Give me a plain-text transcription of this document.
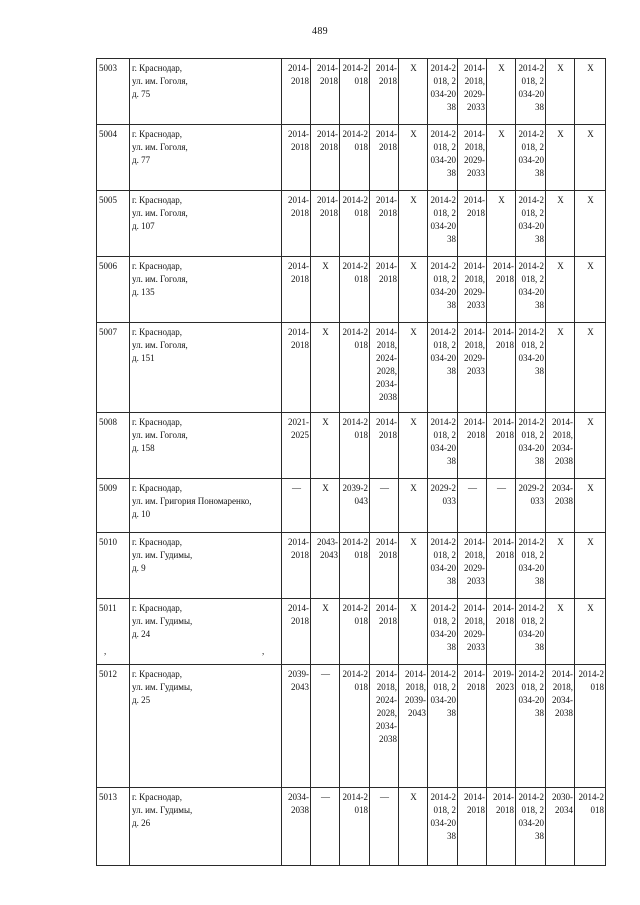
489
5003	г. Краснодар,
ул. им. Гоголя,
д. 75	2014-2018	2014-2018	2014-2018	2014-2018	Х	2014-2018, 2034-2038	2014-2018, 2029-2033	Х	2014-2018, 2034-2038	Х	Х	
5004	г. Краснодар,
ул. им. Гоголя,
д. 77	2014-2018	2014-2018	2014-2018	2014-2018	Х	2014-2018, 2034-2038	2014-2018, 2029-2033	Х	2014-2018, 2034-2038	Х	Х	
5005	г. Краснодар,
ул. им. Гоголя,
д. 107	2014-2018	2014-2018	2014-2018	2014-2018	Х	2014-2018, 2034-2038	2014-2018	Х	2014-2018, 2034-2038	Х	Х	
5006	г. Краснодар,
ул. им. Гоголя,
д. 135	2014-2018	Х	2014-2018	2014-2018	Х	2014-2018, 2034-2038	2014-2018, 2029-2033	2014-2018	2014-2018, 2034-2038	Х	Х	
5007	г. Краснодар,
ул. им. Гоголя,
д. 151	2014-2018	Х	2014-2018	2014-2018, 2024-2028, 2034-2038	Х	2014-2018, 2034-2038	2014-2018, 2029-2033	2014-2018	2014-2018, 2034-2038	Х	Х	
5008	г. Краснодар,
ул. им. Гоголя,
д. 158	2021-2025	Х	2014-2018	2014-2018	Х	2014-2018, 2034-2038	2014-2018	2014-2018	2014-2018, 2034-2038	2014-2018, 2034-2038	Х	
5009	г. Краснодар,
ул. им. Григория Пономаренко,
д. 10	—	Х	2039-2043	—	Х	2029-2033	—	—	2029-2033	2034-2038	Х	
5010	г. Краснодар,
ул. им. Гудимы,
д. 9	2014-2018	2043-2043	2014-2018	2014-2018	Х	2014-2018, 2034-2038	2014-2018, 2029-2033	2014-2018	2014-2018, 2034-2038	Х	Х	
5011	г. Краснодар,
ул. им. Гудимы,
д. 24	2014-2018	Х	2014-2018	2014-2018	Х	2014-2018, 2034-2038	2014-2018, 2029-2033	2014-2018	2014-2018, 2034-2038	Х	Х	
5012	г. Краснодар,
ул. им. Гудимы,
д. 25	2039-2043	—	2014-2018	2014-2018, 2024-2028, 2034-2038	2014-2018, 2039-2043	2014-2018, 2034-2038	2014-2018	2019-2023	2014-2018, 2034-2038	2014-2018, 2034-2038	2014-2018	
5013	г. Краснодар,
ул. им. Гудимы,
д. 26	2034-2038	—	2014-2018	—	Х	2014-2018, 2034-2038	2014-2018	2014-2018	2014-2018, 2034-2038	2030-2034	2014-2018	
,	,
